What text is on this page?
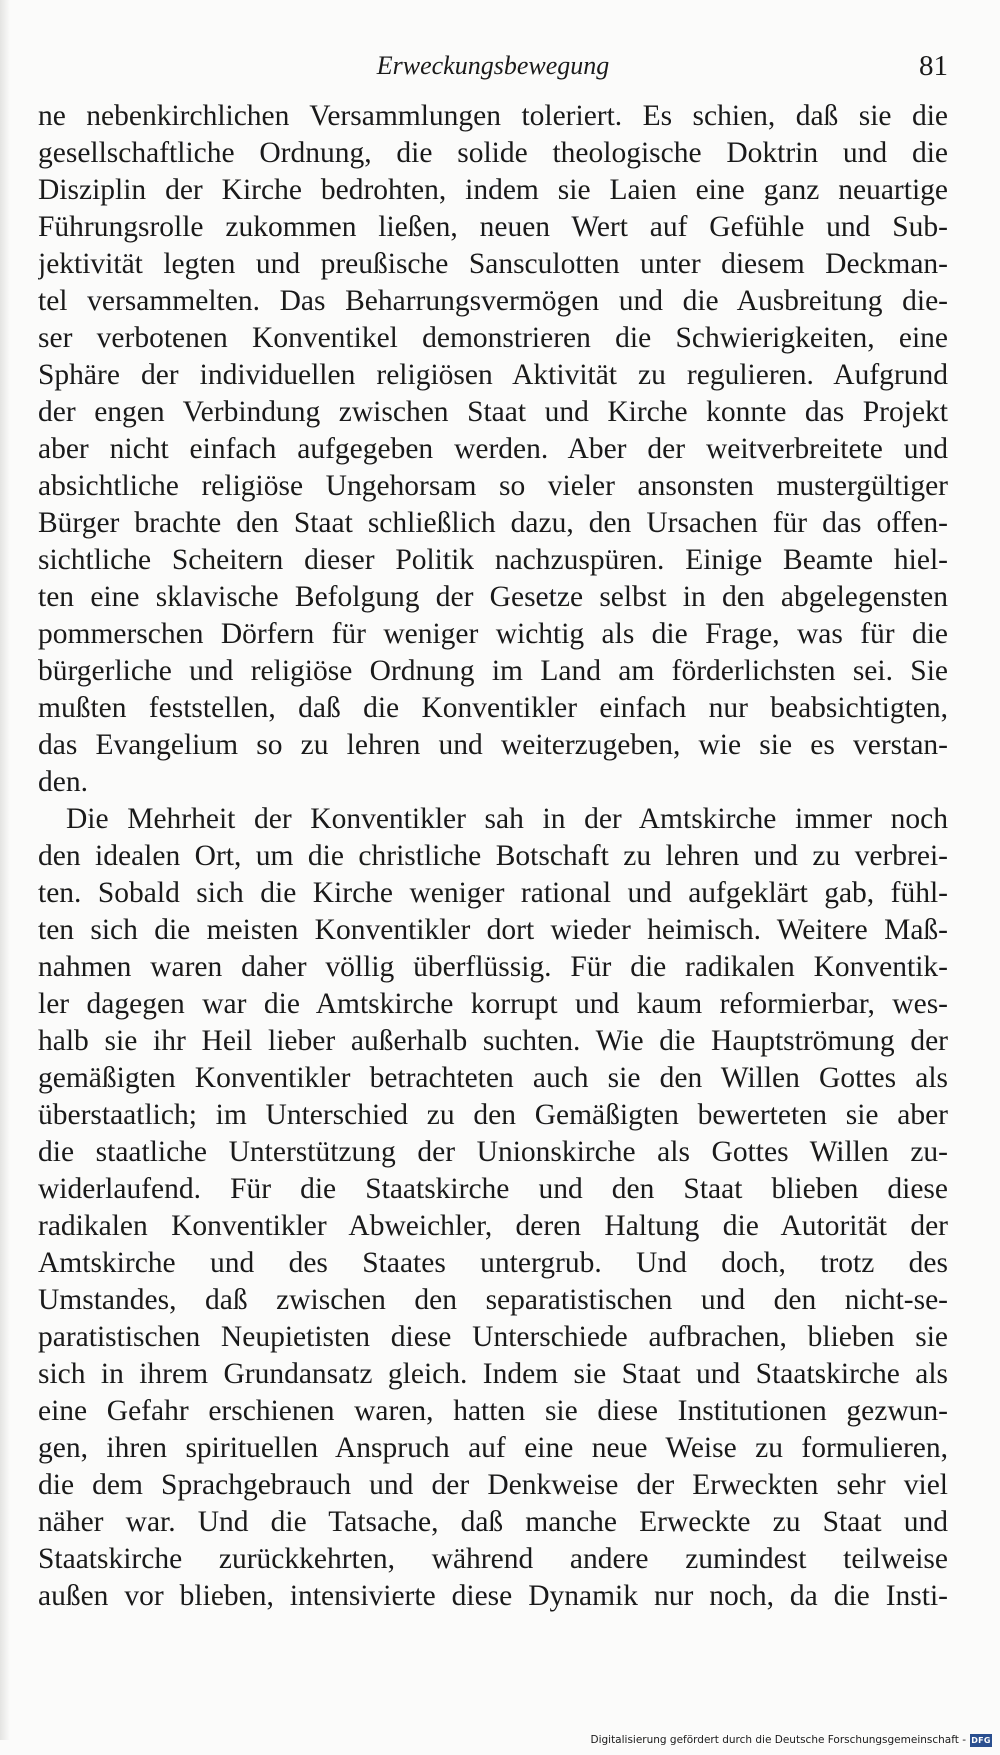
Erweckungsbewegung	81
ne nebenkirchlichen Versammlungen toleriert. Es schien, daß sie die
gesellschaftliche Ordnung, die solide theologische Doktrin und die
Disziplin der Kirche bedrohten, indem sie Laien eine ganz neuartige
Führungsrolle zukommen ließen, neuen Wert auf Gefühle und Sub-
jektivität legten und preußische Sansculotten unter diesem Deckman-
tel versammelten. Das Beharrungsvermögen und die Ausbreitung die-
ser verbotenen Konventikel demonstrieren die Schwierigkeiten, eine
Sphäre der individuellen religiösen Aktivität zu regulieren. Aufgrund
der engen Verbindung zwischen Staat und Kirche konnte das Projekt
aber nicht einfach aufgegeben werden. Aber der weitverbreitete und
absichtliche religiöse Ungehorsam so vieler ansonsten mustergültiger
Bürger brachte den Staat schließlich dazu, den Ursachen für das offen-
sichtliche Scheitern dieser Politik nachzuspüren. Einige Beamte hiel-
ten eine sklavische Befolgung der Gesetze selbst in den abgelegensten
pommerschen Dörfern für weniger wichtig als die Frage, was für die
bürgerliche und religiöse Ordnung im Land am förderlichsten sei. Sie
mußten feststellen, daß die Konventikler einfach nur beabsichtigten,
das Evangelium so zu lehren und weiterzugeben, wie sie es verstan-
den.
Die Mehrheit der Konventikler sah in der Amtskirche immer noch
den idealen Ort, um die christliche Botschaft zu lehren und zu verbrei-
ten. Sobald sich die Kirche weniger rational und aufgeklärt gab, fühl-
ten sich die meisten Konventikler dort wieder heimisch. Weitere Maß-
nahmen waren daher völlig überflüssig. Für die radikalen Konventik-
ler dagegen war die Amtskirche korrupt und kaum reformierbar, wes-
halb sie ihr Heil lieber außerhalb suchten. Wie die Hauptströmung der
gemäßigten Konventikler betrachteten auch sie den Willen Gottes als
überstaatlich; im Unterschied zu den Gemäßigten bewerteten sie aber
die staatliche Unterstützung der Unionskirche als Gottes Willen zu-
widerlaufend. Für die Staatskirche und den Staat blieben diese
radikalen Konventikler Abweichler, deren Haltung die Autorität der
Amtskirche und des Staates untergrub. Und doch, trotz des
Umstandes, daß zwischen den separatistischen und den nicht-se-
paratistischen Neupietisten diese Unterschiede aufbrachen, blieben sie
sich in ihrem Grundansatz gleich. Indem sie Staat und Staatskirche als
eine Gefahr erschienen waren, hatten sie diese Institutionen gezwun-
gen, ihren spirituellen Anspruch auf eine neue Weise zu formulieren,
die dem Sprachgebrauch und der Denkweise der Erweckten sehr viel
näher war. Und die Tatsache, daß manche Erweckte zu Staat und
Staatskirche zurückkehrten, während andere zumindest teilweise
außen vor blieben, intensivierte diese Dynamik nur noch, da die Insti-
Digitalisierung gefördert durch die Deutsche Forschungsgemeinschaft - DFG
